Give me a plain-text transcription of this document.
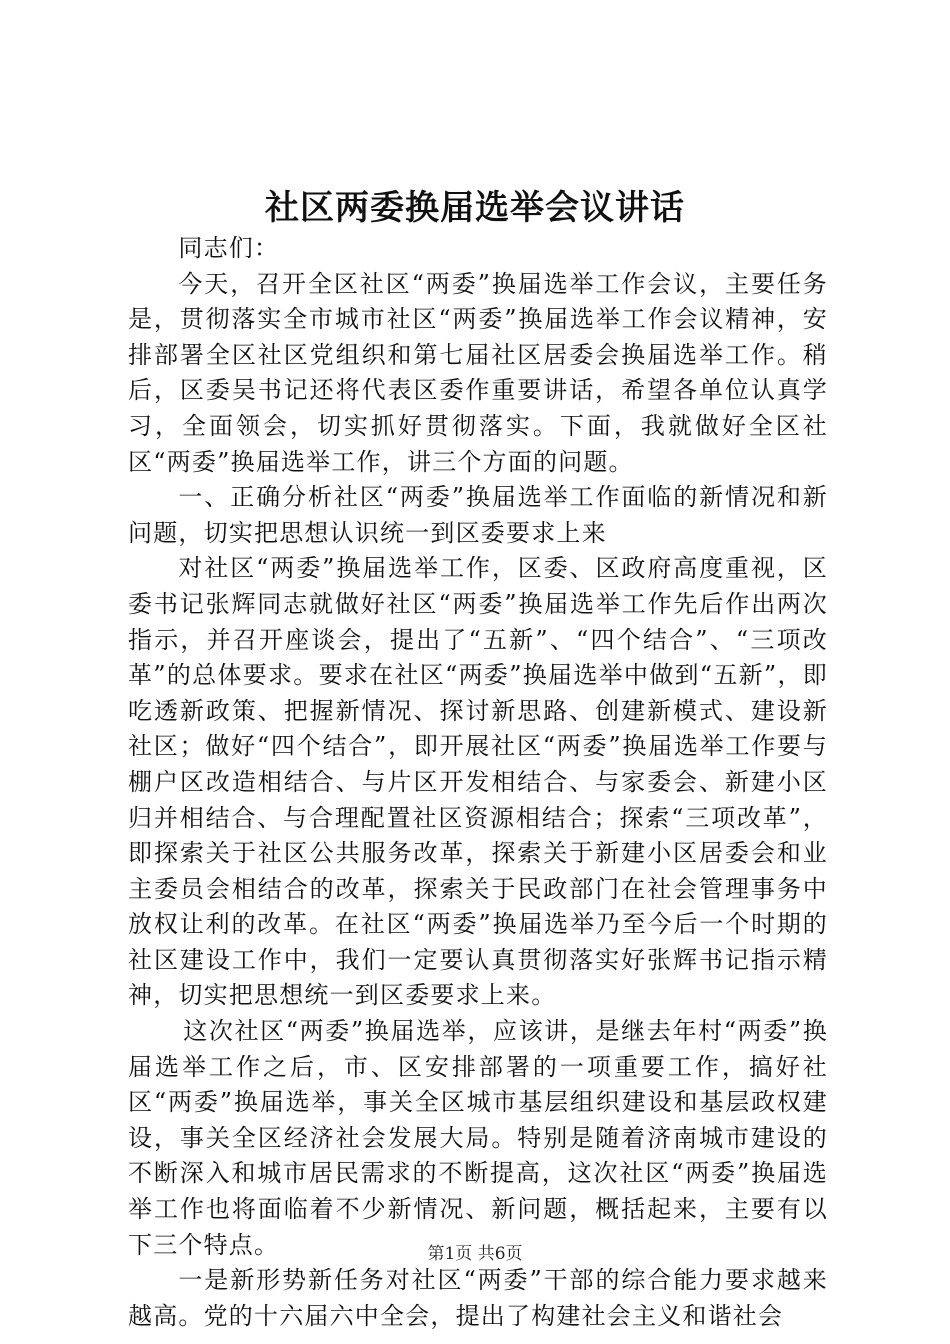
社区两委换届选举会议讲话

同志们：

今天，召开全区社区“两委”换届选举工作会议，主要任务是，贯彻落实全市城市社区“两委”换届选举工作会议精神，安排部署全区社区党组织和第七届社区居委会换届选举工作。稍后，区委吴书记还将代表区委作重要讲话，希望各单位认真学习，全面领会，切实抓好贯彻落实。下面，我就做好全区社区“两委”换届选举工作，讲三个方面的问题。

一、正确分析社区“两委”换届选举工作面临的新情况和新问题，切实把思想认识统一到区委要求上来

对社区“两委”换届选举工作，区委、区政府高度重视，区委书记张辉同志就做好社区“两委”换届选举工作先后作出两次指示，并召开座谈会，提出了“五新”、“四个结合”、“三项改革”的总体要求。要求在社区“两委”换届选举中做到“五新”，即吃透新政策、把握新情况、探讨新思路、创建新模式、建设新社区；做好“四个结合”，即开展社区“两委”换届选举工作要与棚户区改造相结合、与片区开发相结合、与家委会、新建小区归并相结合、与合理配置社区资源相结合；探索“三项改革”，即探索关于社区公共服务改革，探索关于新建小区居委会和业主委员会相结合的改革，探索关于民政部门在社会管理事务中放权让利的改革。在社区“两委”换届选举乃至今后一个时期的社区建设工作中，我们一定要认真贯彻落实好张辉书记指示精神，切实把思想统一到区委要求上来。

这次社区“两委”换届选举，应该讲，是继去年村“两委”换届选举工作之后，市、区安排部署的一项重要工作，搞好社区“两委”换届选举，事关全区城市基层组织建设和基层政权建设，事关全区经济社会发展大局。特别是随着济南城市建设的不断深入和城市居民需求的不断提高，这次社区“两委”换届选举工作也将面临着不少新情况、新问题，概括起来，主要有以下三个特点。

一是新形势新任务对社区“两委”干部的综合能力要求越来越高。党的十六届六中全会，提出了构建社会主义和谐社会

第1页 共6页
